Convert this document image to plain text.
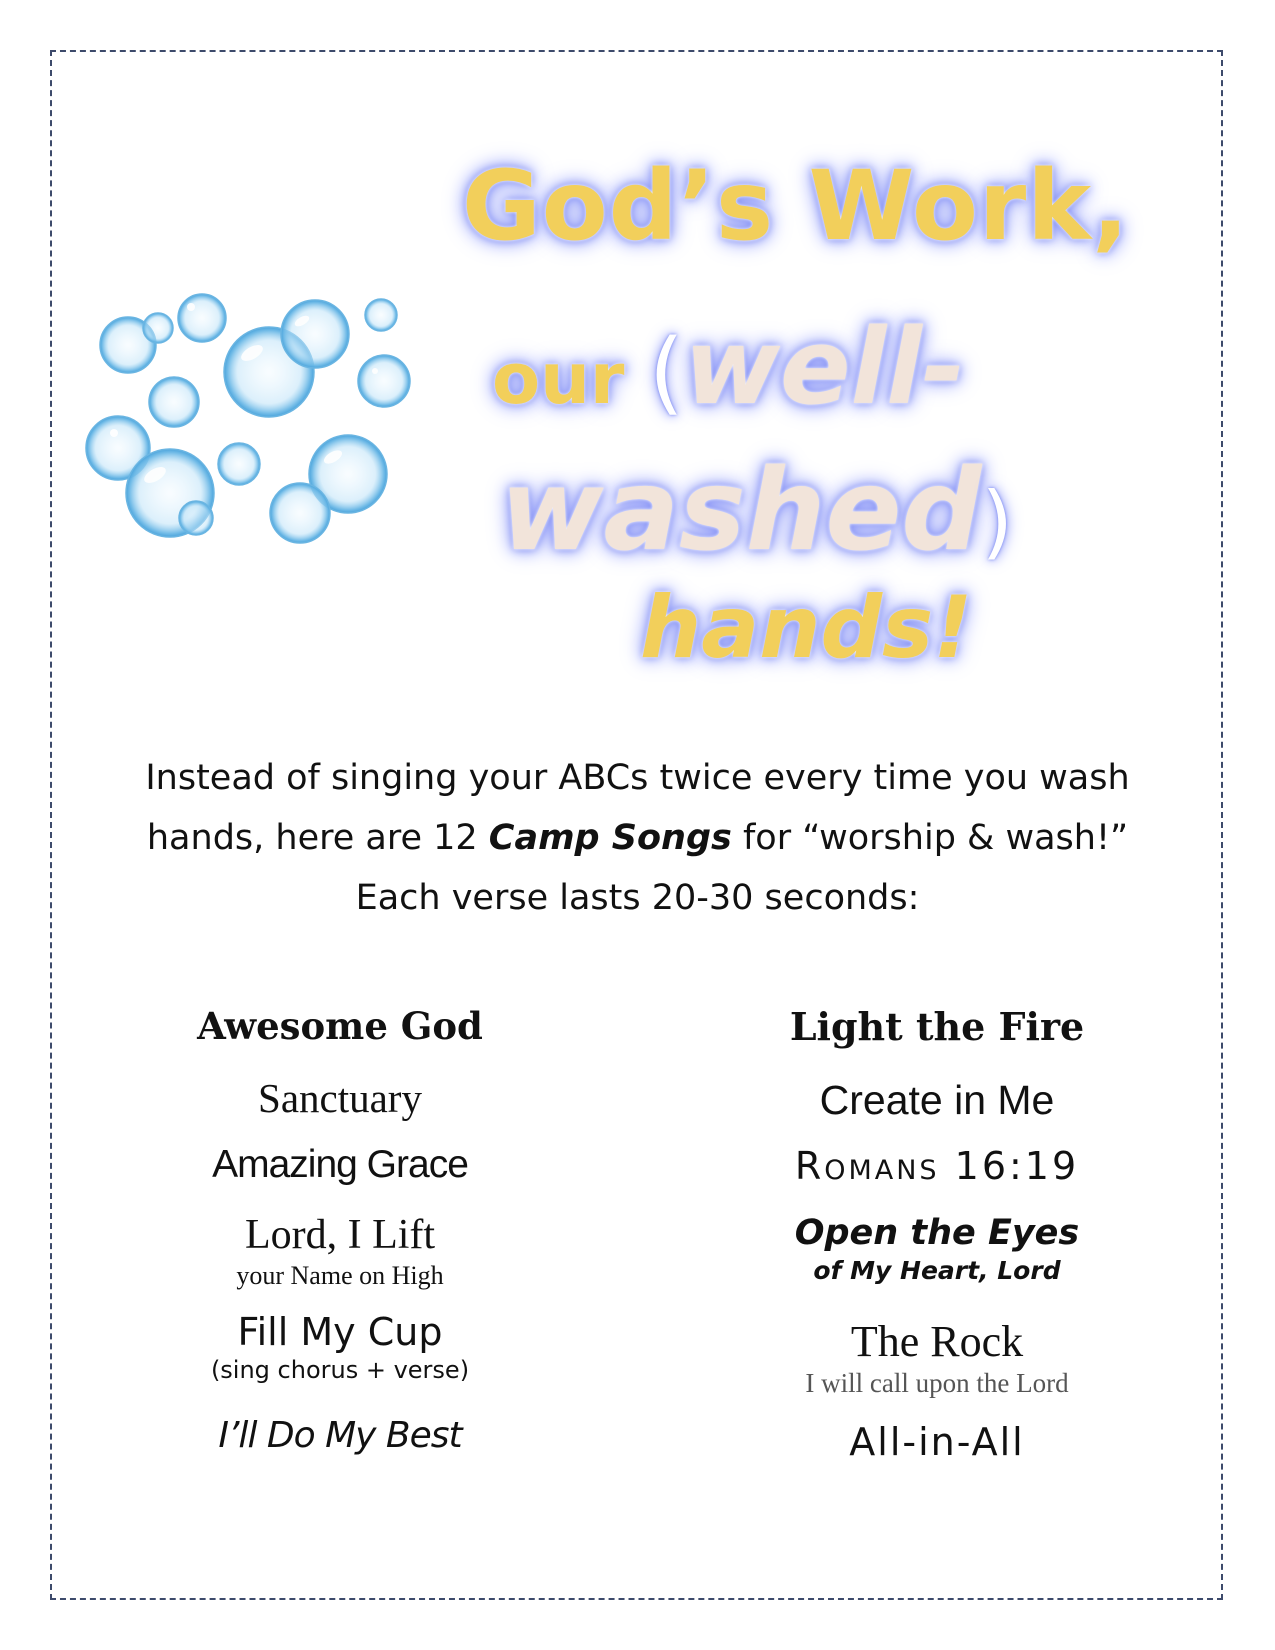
God’s Work,
our (well-
washed)
hands!
Instead of singing your ABCs twice every time you wash hands, here are 12 Camp Songs for “worship & wash!” Each verse lasts 20-30 seconds:
Awesome God
Sanctuary
Amazing Grace
Lord, I Lift
your Name on High
Fill My Cup
(sing chorus + verse)
I’ll Do My Best
Light the Fire
Create in Me
Romans 16:19
Open the Eyes
of My Heart, Lord
The Rock
I will call upon the Lord
All-in-All
